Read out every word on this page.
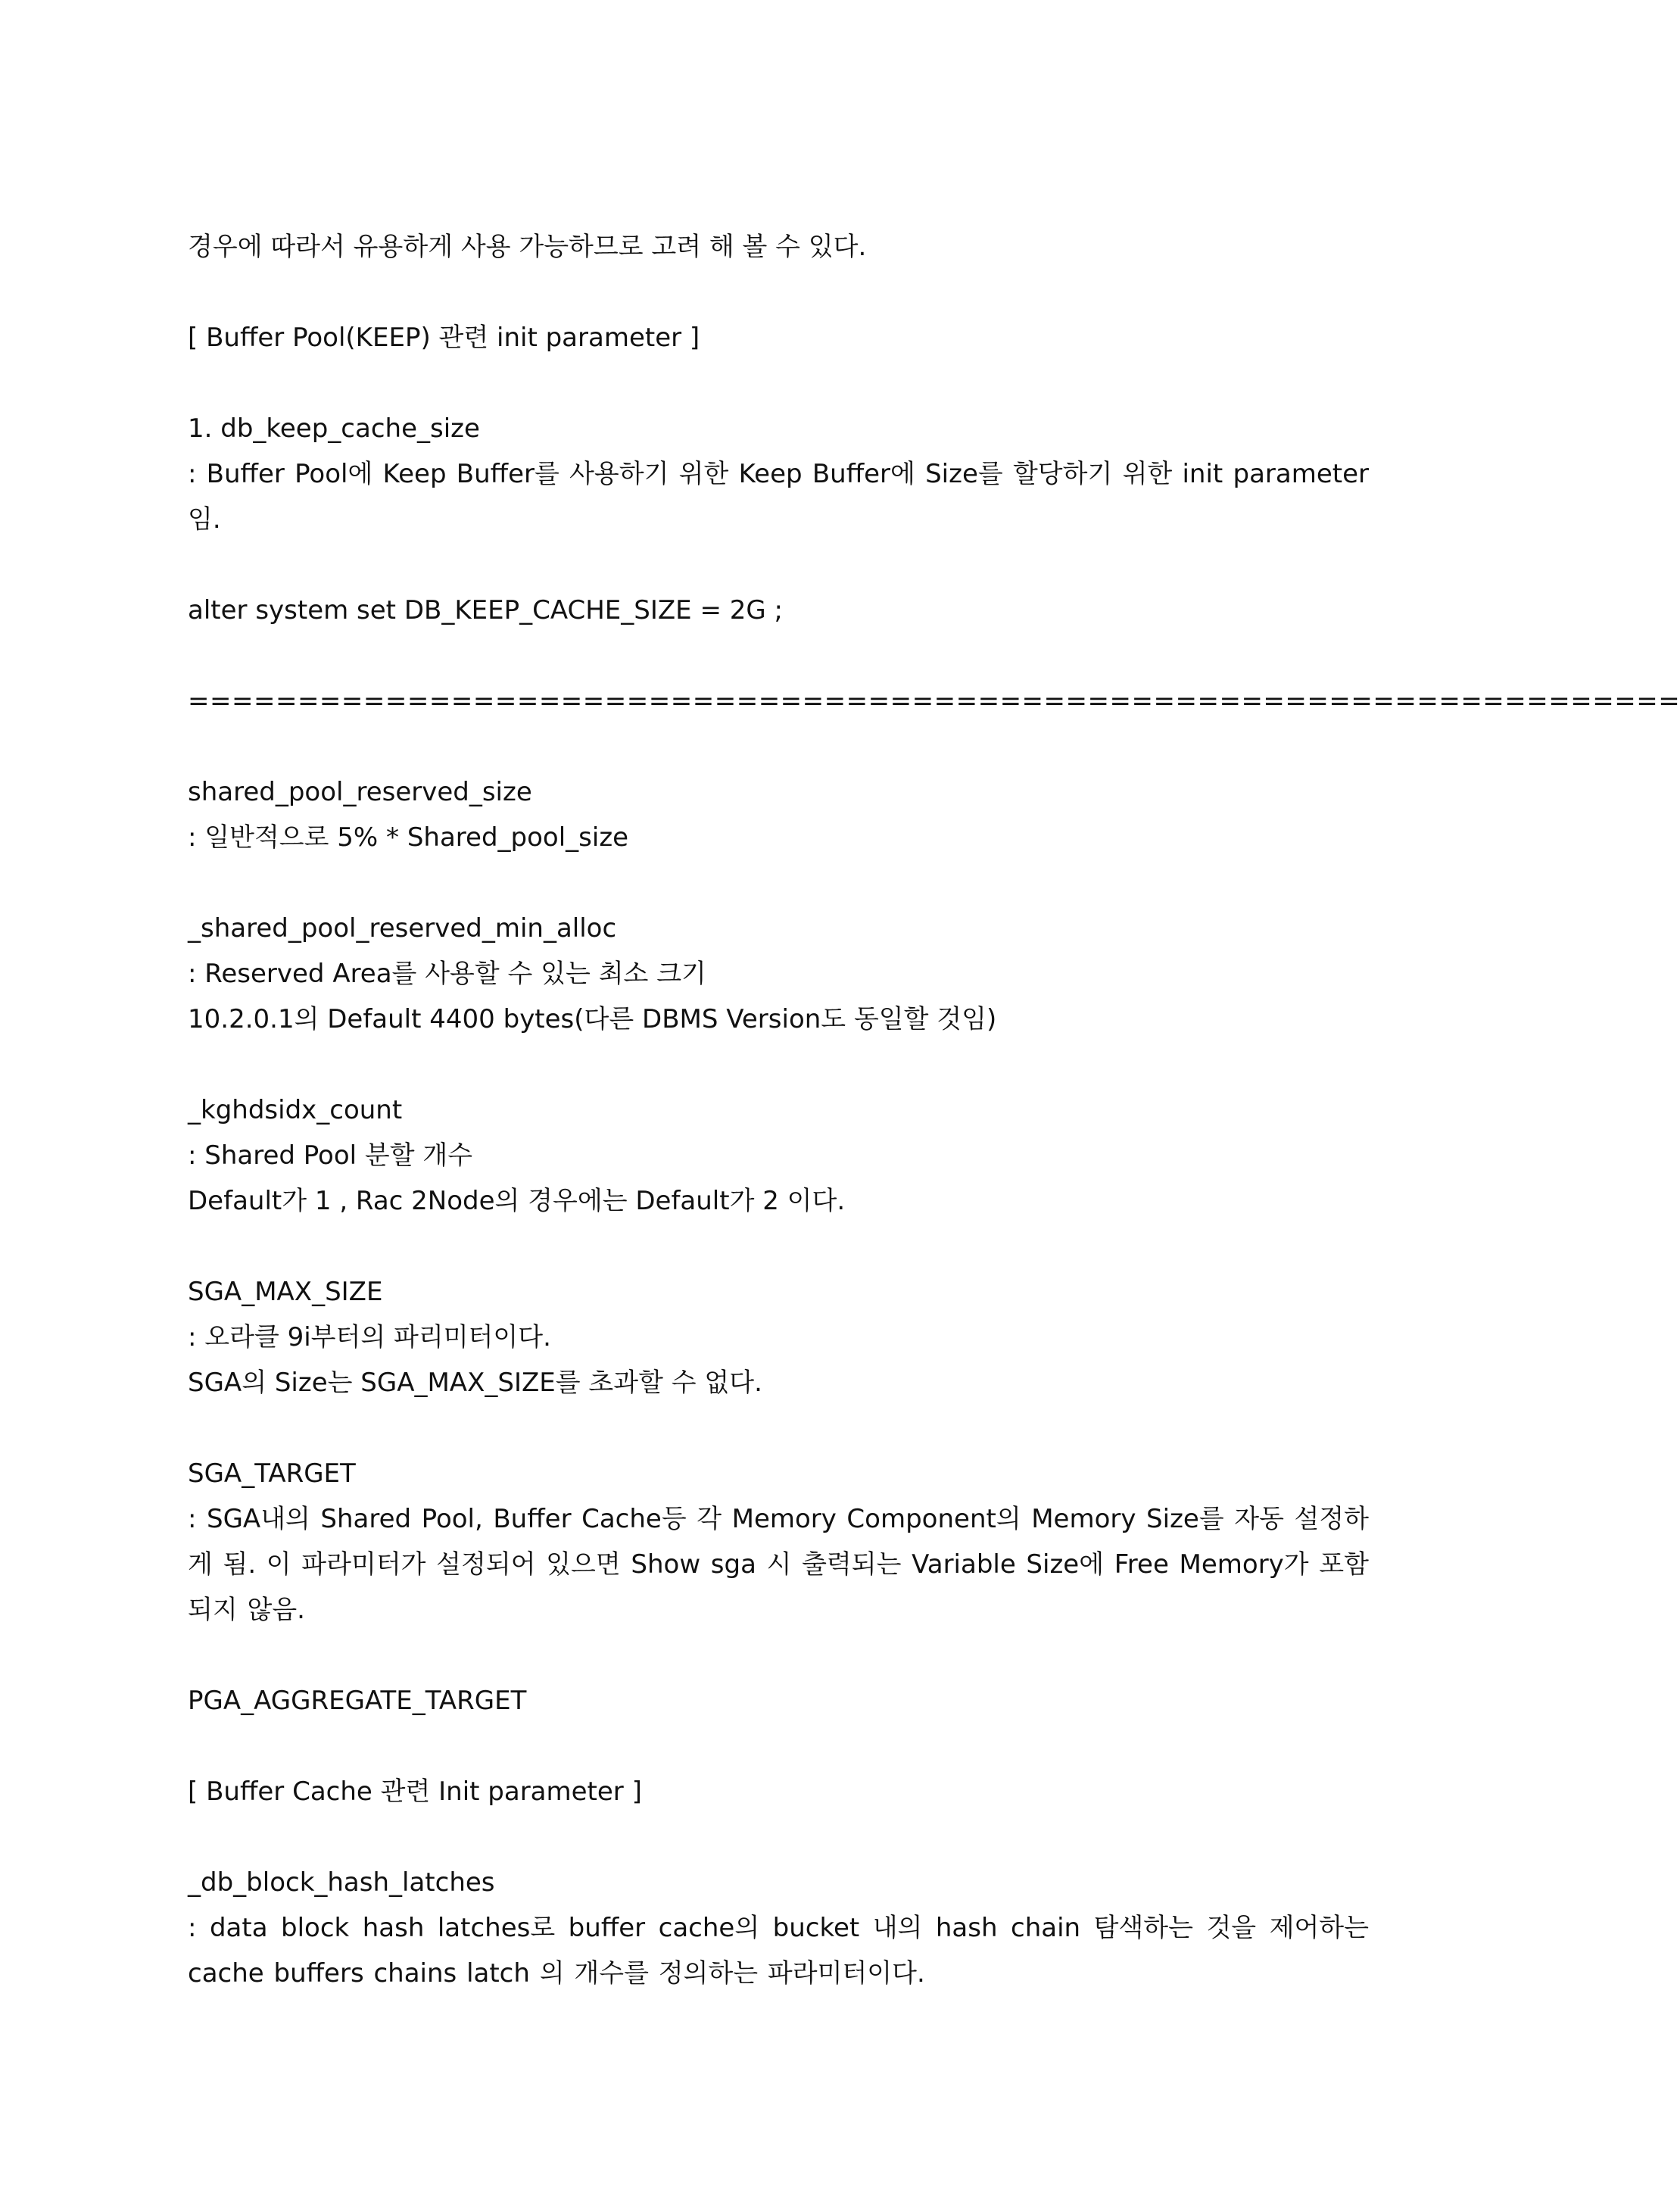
경우에 따라서 유용하게 사용 가능하므로 고려 해 볼 수 있다.

[ Buffer Pool(KEEP) 관련 init parameter ]

1. db_keep_cache_size

: Buffer Pool에 Keep Buffer를 사용하기 위한 Keep Buffer에 Size를 할당하기 위한 init parameter 임.

alter system set DB_KEEP_CACHE_SIZE = 2G ;

====================================================================

shared_pool_reserved_size

: 일반적으로 5% * Shared_pool_size

_shared_pool_reserved_min_alloc

: Reserved Area를 사용할 수 있는 최소 크기

10.2.0.1의 Default 4400 bytes(다른 DBMS Version도 동일할 것임)

_kghdsidx_count

: Shared Pool 분할 개수

Default가 1 , Rac 2Node의 경우에는 Default가 2 이다.

SGA_MAX_SIZE

: 오라클 9i부터의 파리미터이다.

SGA의 Size는 SGA_MAX_SIZE를 초과할 수 없다.

SGA_TARGET

: SGA내의 Shared Pool, Buffer Cache등 각 Memory Component의 Memory Size를 자동 설정하게 됨. 이 파라미터가 설정되어 있으면 Show sga 시 출력되는 Variable Size에 Free Memory가 포함되지 않음.

PGA_AGGREGATE_TARGET

[ Buffer Cache 관련 Init parameter ]

_db_block_hash_latches

: data block hash latches로 buffer cache의 bucket 내의 hash chain 탐색하는 것을 제어하는 cache buffers chains latch 의 개수를 정의하는 파라미터이다.
